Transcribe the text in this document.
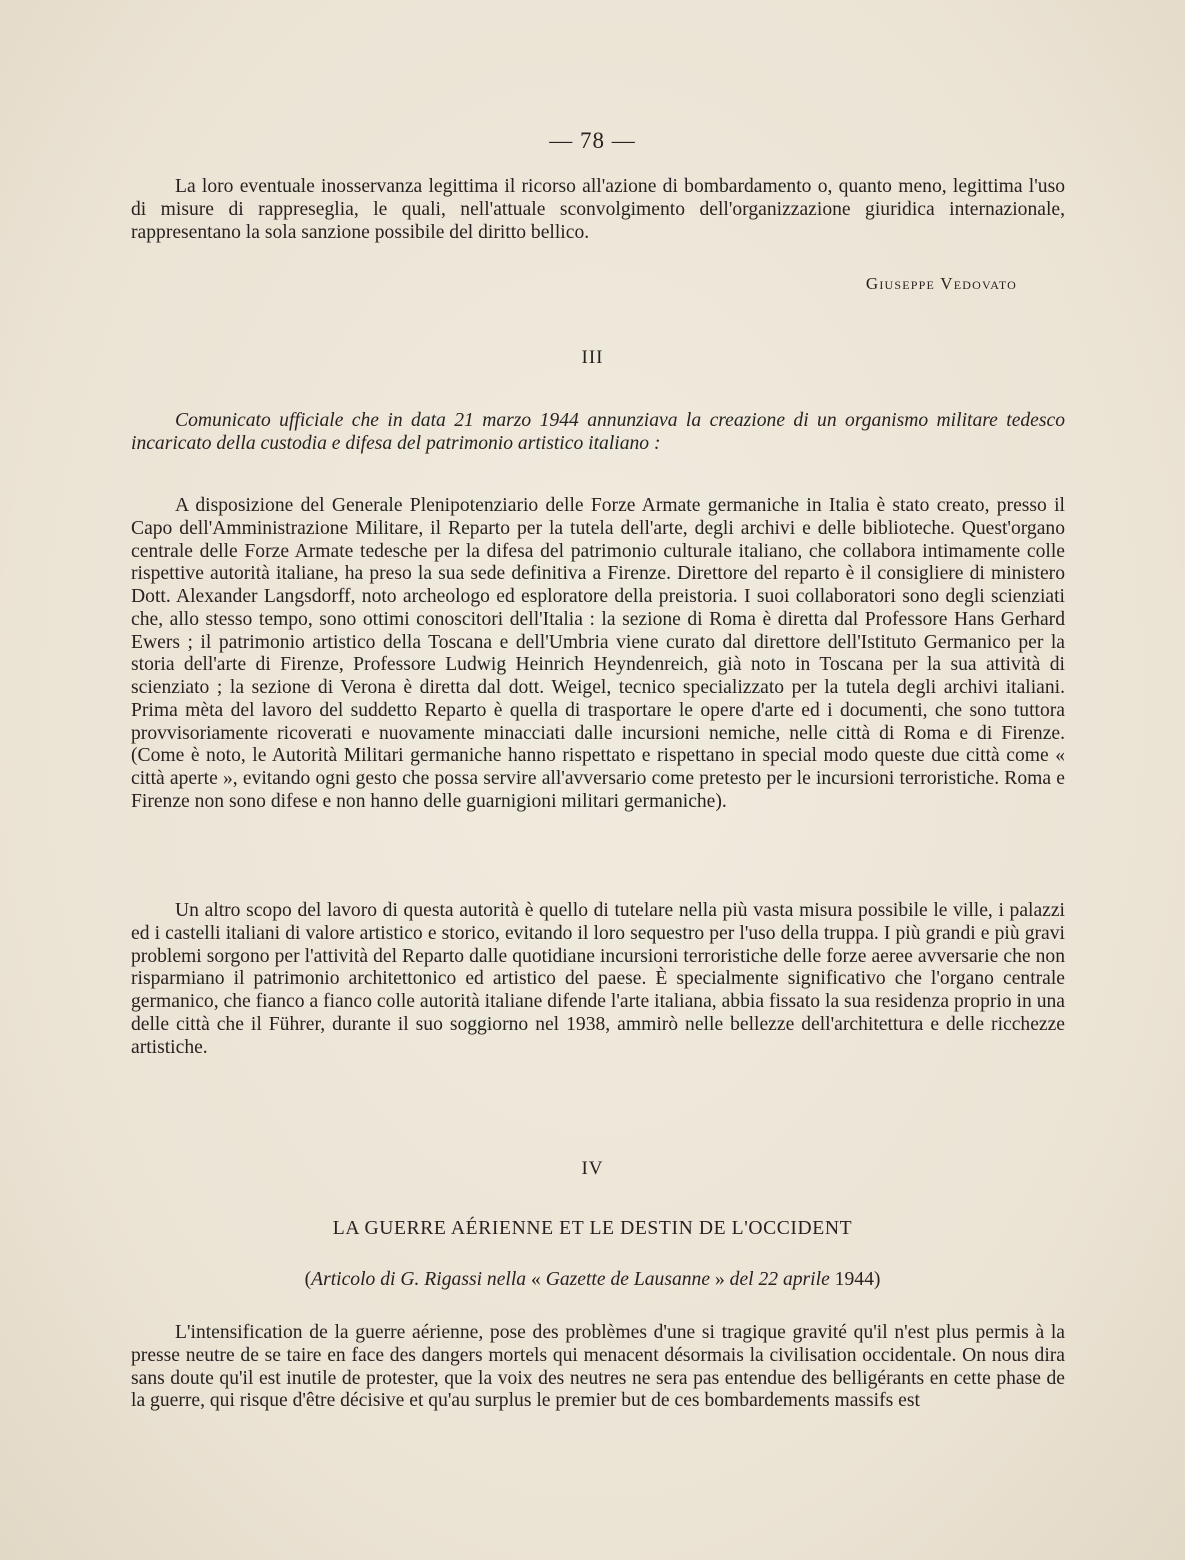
— 78 —

La loro eventuale inosservanza legittima il ricorso all'azione di bombardamento o, quanto meno, legittima l'uso di misure di rappreseglia, le quali, nell'attuale sconvolgimento dell'organizzazione giuridica internazionale, rappresentano la sola sanzione possibile del diritto bellico.

Giuseppe Vedovato
III

Comunicato ufficiale che in data 21 marzo 1944 annunziava la creazione di un organismo militare tedesco incaricato della custodia e difesa del patrimonio artistico italiano :

A disposizione del Generale Plenipotenziario delle Forze Armate germaniche in Italia è stato creato, presso il Capo dell'Amministrazione Militare, il Reparto per la tutela dell'arte, degli archivi e delle biblioteche. Quest'organo centrale delle Forze Armate tedesche per la difesa del patrimonio culturale italiano, che collabora intimamente colle rispettive autorità italiane, ha preso la sua sede definitiva a Firenze. Direttore del reparto è il consigliere di ministero Dott. Alexander Langsdorff, noto archeologo ed esploratore della preistoria. I suoi collaboratori sono degli scienziati che, allo stesso tempo, sono ottimi conoscitori dell'Italia : la sezione di Roma è diretta dal Professore Hans Gerhard Ewers ; il patrimonio artistico della Toscana e dell'Umbria viene curato dal direttore dell'Istituto Germanico per la storia dell'arte di Firenze, Professore Ludwig Heinrich Heyndenreich, già noto in Toscana per la sua attività di scienziato ; la sezione di Verona è diretta dal dott. Weigel, tecnico specializzato per la tutela degli archivi italiani. Prima mèta del lavoro del suddetto Reparto è quella di trasportare le opere d'arte ed i documenti, che sono tuttora provvisoriamente ricoverati e nuovamente minacciati dalle incursioni nemiche, nelle città di Roma e di Firenze. (Come è noto, le Autorità Militari germaniche hanno rispettato e rispettano in special modo queste due città come « città aperte », evitando ogni gesto che possa servire all'avversario come pretesto per le incursioni terroristiche. Roma e Firenze non sono difese e non hanno delle guarnigioni militari germaniche).

Un altro scopo del lavoro di questa autorità è quello di tutelare nella più vasta misura possibile le ville, i palazzi ed i castelli italiani di valore artistico e storico, evitando il loro sequestro per l'uso della truppa. I più grandi e più gravi problemi sorgono per l'attività del Reparto dalle quotidiane incursioni terroristiche delle forze aeree avversarie che non risparmiano il patrimonio architettonico ed artistico del paese. È specialmente significativo che l'organo centrale germanico, che fianco a fianco colle autorità italiane difende l'arte italiana, abbia fissato la sua residenza proprio in una delle città che il Führer, durante il suo soggiorno nel 1938, ammirò nelle bellezze dell'architettura e delle ricchezze artistiche.

IV
LA GUERRE AÉRIENNE ET LE DESTIN DE L'OCCIDENT
(Articolo di G. Rigassi nella « Gazette de Lausanne » del 22 aprile 1944)

L'intensification de la guerre aérienne, pose des problèmes d'une si tragique gravité qu'il n'est plus permis à la presse neutre de se taire en face des dangers mortels qui menacent désormais la civilisation occidentale. On nous dira sans doute qu'il est inutile de protester, que la voix des neutres ne sera pas entendue des belligérants en cette phase de la guerre, qui risque d'être décisive et qu'au surplus le premier but de ces bombardements massifs est
